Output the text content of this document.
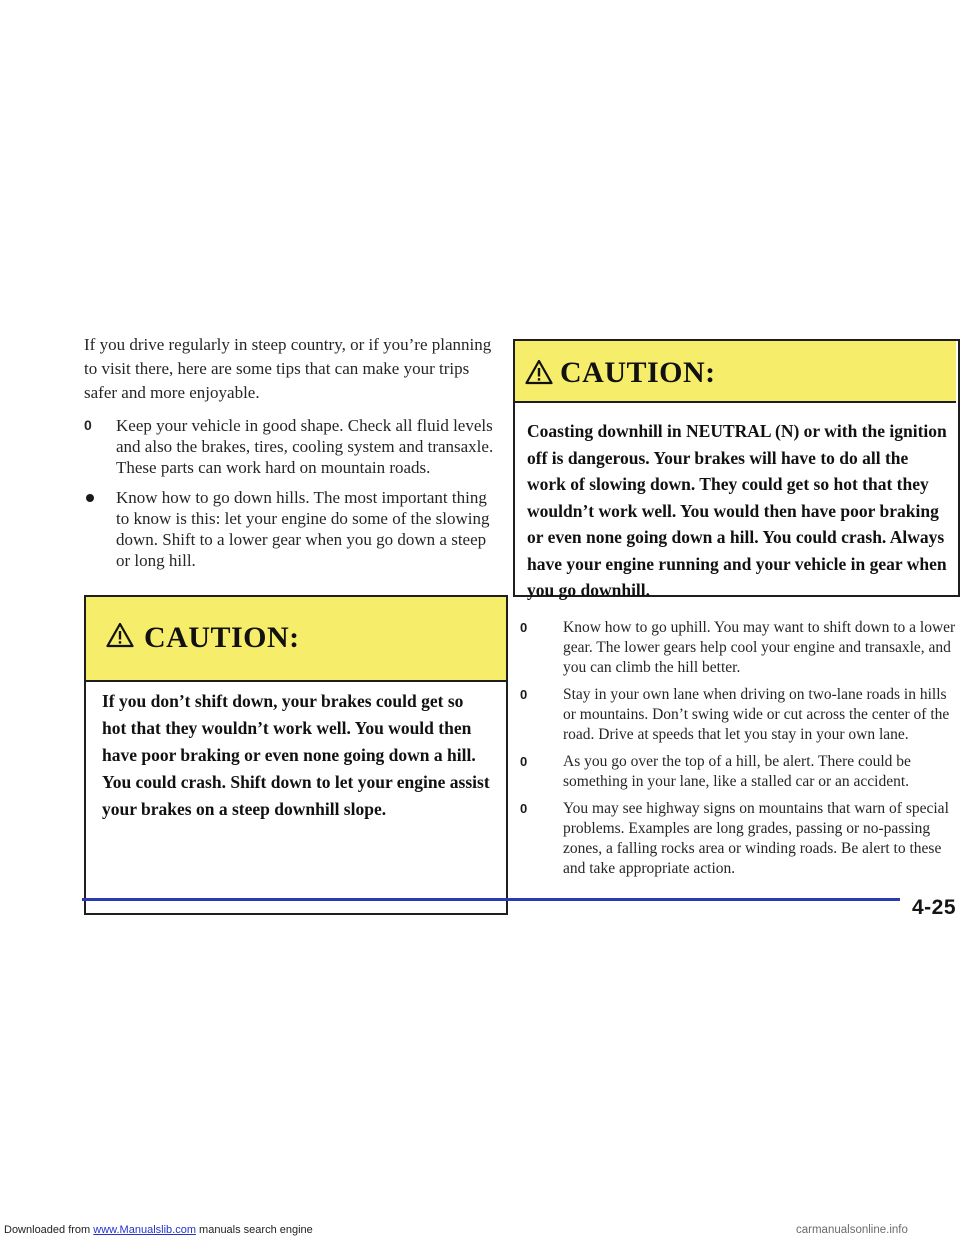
If you drive regularly in steep country, or if you’re planning to visit there, here are some tips that can make your trips safer and more enjoyable.

0 Keep your vehicle in good shape. Check all fluid levels and also the brakes, tires, cooling system and transaxle. These parts can work hard on mountain roads.
Know how to go down hills. The most important thing to know is this: let your engine do some of the slowing down. Shift to a lower gear when you go down a steep or long hill.
CAUTION:
If you don’t shift down, your brakes could get so hot that they wouldn’t work well. You would then have poor braking or even none going down a hill. You could crash. Shift down to let your engine assist your brakes on a steep downhill slope.
CAUTION:
Coasting downhill in NEUTRAL (N) or with the ignition off is dangerous. Your brakes will have to do all the work of slowing down. They could get so hot that they wouldn’t work well. You would then have poor braking or even none going down a hill. You could crash. Always have your engine running and your vehicle in gear when you go downhill.
0 Know how to go uphill. You may want to shift down to a lower gear. The lower gears help cool your engine and transaxle, and you can climb the hill better.
0 Stay in your own lane when driving on two-lane roads in hills or mountains. Don’t swing wide or cut across the center of the road. Drive at speeds that let you stay in your own lane.
0 As you go over the top of a hill, be alert. There could be something in your lane, like a stalled car or an accident.
0 You may see highway signs on mountains that warn of special problems. Examples are long grades, passing or no-passing zones, a falling rocks area or winding roads. Be alert to these and take appropriate action.
4-25
Downloaded from www.Manualslib.com manuals search engine	carmanualsonline.info
